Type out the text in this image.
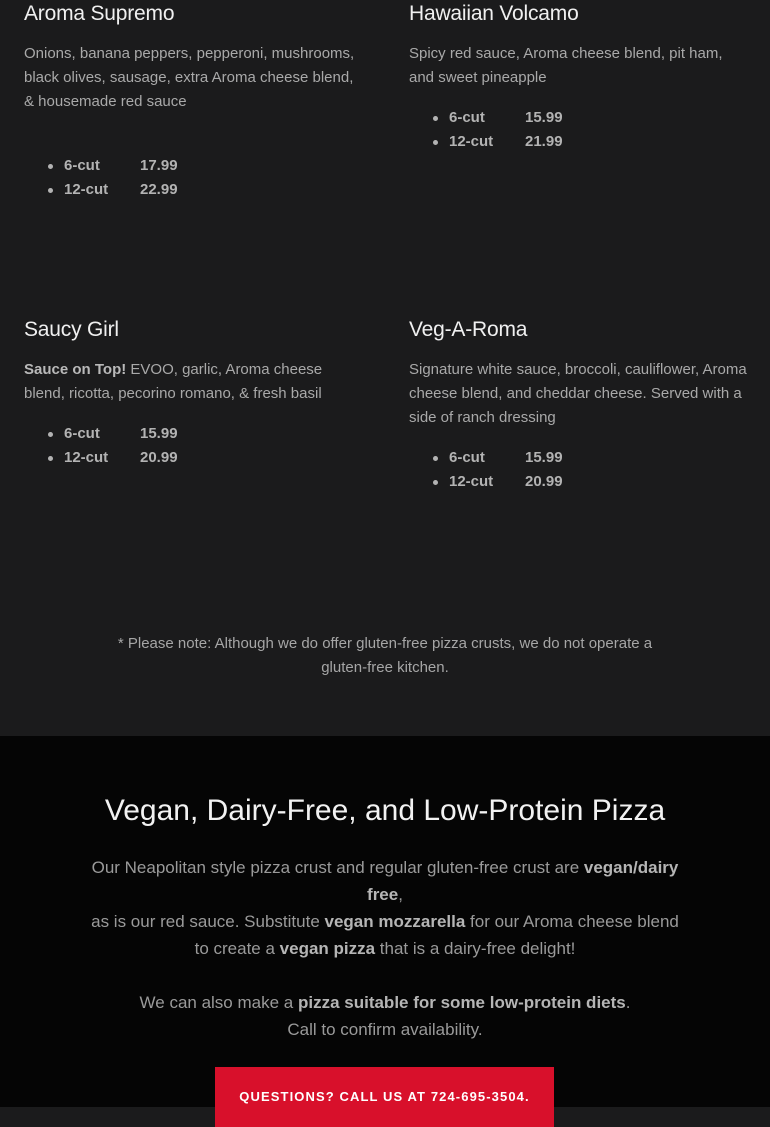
Aroma Supremo

Onions, banana peppers, pepperoni, mushrooms, black olives, sausage, extra Aroma cheese blend, & housemade red sauce

6-cut	17.99
12-cut 22.99
Hawaiian Volcamo

Spicy red sauce, Aroma cheese blend, pit ham, and sweet pineapple

6-cut	15.99
12-cut 21.99
Saucy Girl

Sauce on Top! EVOO, garlic, Aroma cheese blend, ricotta, pecorino romano, & fresh basil

6-cut	15.99
12-cut 20.99
Veg-A-Roma

Signature white sauce, broccoli, cauliflower, Aroma cheese blend, and cheddar cheese. Served with a side of ranch dressing

6-cut	15.99
12-cut 20.99

* Please note: Although we do offer gluten-free pizza crusts, we do not operate a gluten-free kitchen.

Vegan, Dairy-Free, and Low-Protein Pizza

Our Neapolitan style pizza crust and regular gluten-free crust are vegan/dairy free,
as is our red sauce. Substitute vegan mozzarella for our Aroma cheese blend to create a vegan pizza that is a dairy-free delight!

We can also make a pizza suitable for some low-protein diets.
Call to confirm availability.

QUESTIONS? CALL US AT 724-695-3504.
